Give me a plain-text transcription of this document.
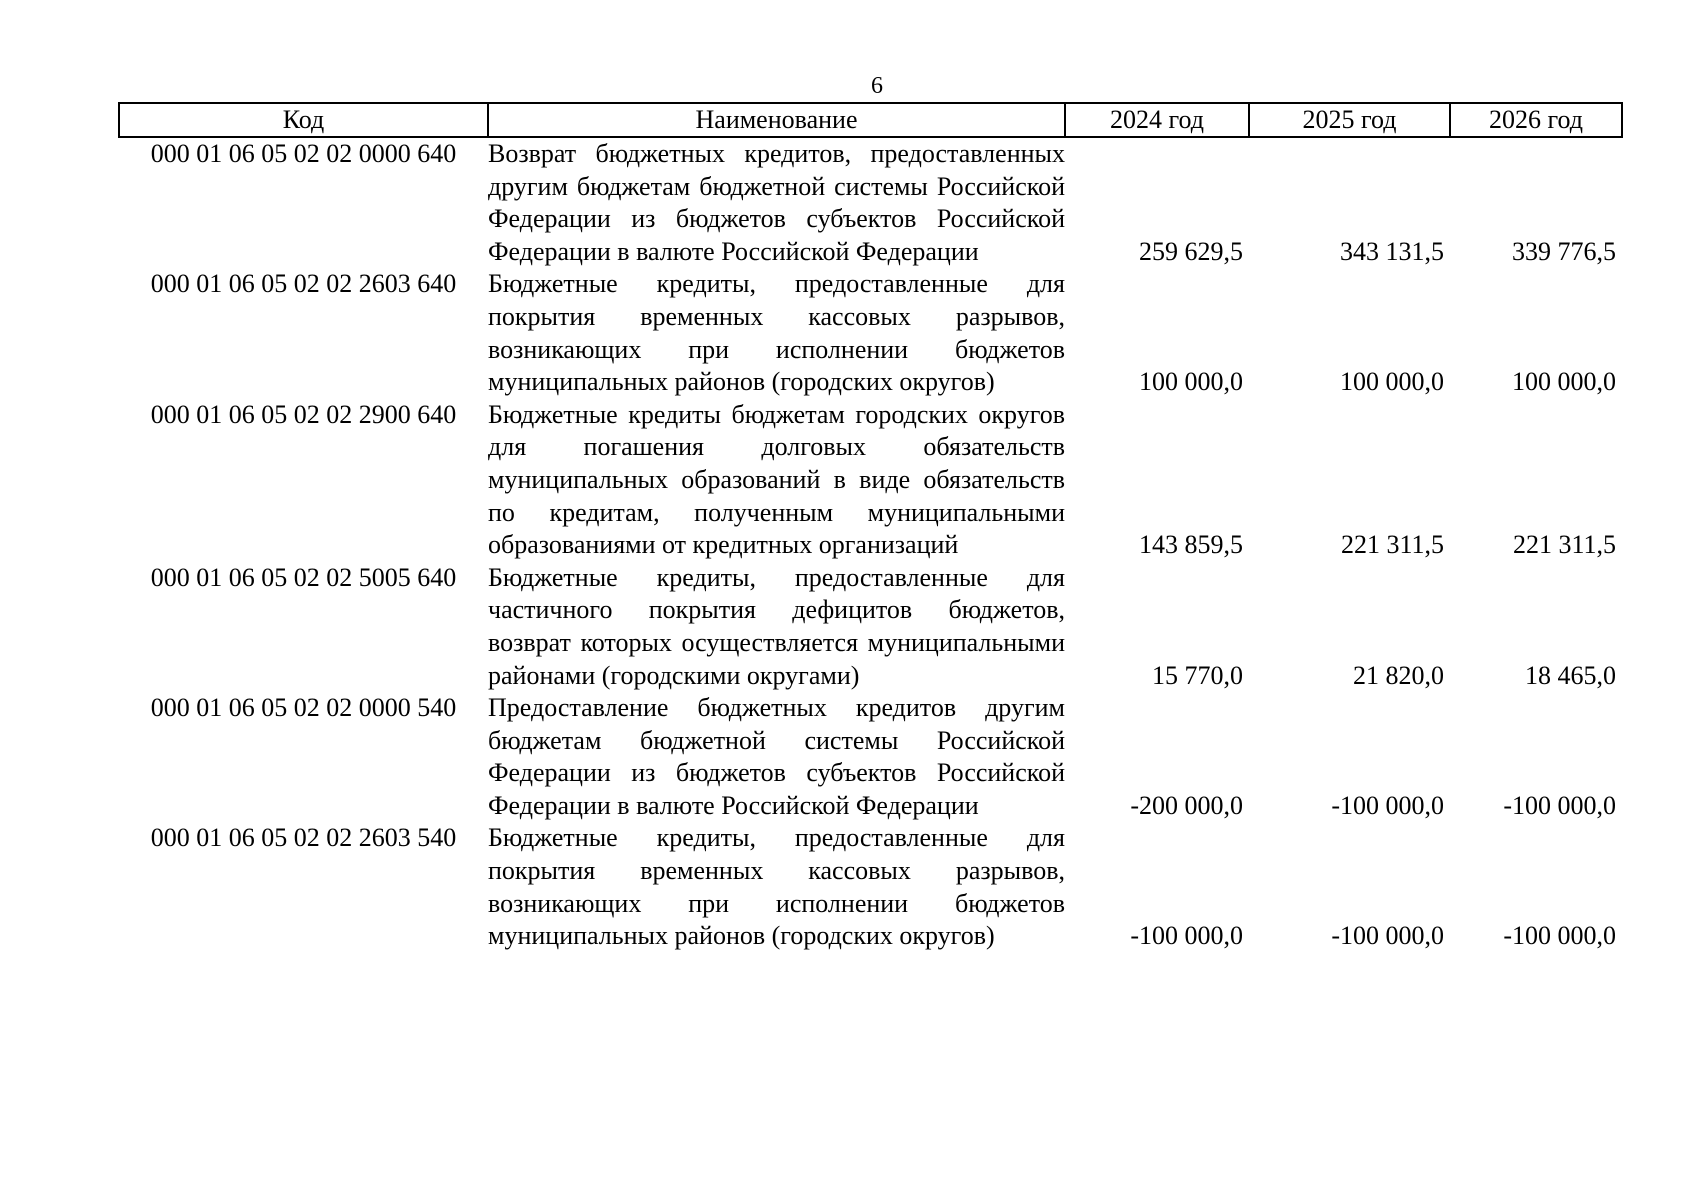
6
Код	Наименование	2024 год	2025 год	2026 год
000 01 06 05 02 02 0000 640	Возврат бюджетных кредитов, предоставленных другим бюджетам бюджетной системы Российской Федерации из бюджетов субъектов Российской Федерации в валюте Российской Федерации	259 629,5	343 131,5	339 776,5
000 01 06 05 02 02 2603 640	Бюджетные кредиты, предоставленные для покрытия временных кассовых разрывов, возникающих при исполнении бюджетов муниципальных районов (городских округов)	100 000,0	100 000,0	100 000,0
000 01 06 05 02 02 2900 640	Бюджетные кредиты бюджетам городских округов для погашения долговых обязательств муниципальных образований в виде обязательств по кредитам, полученным муниципальными образованиями от кредитных организаций	143 859,5	221 311,5	221 311,5
000 01 06 05 02 02 5005 640	Бюджетные кредиты, предоставленные для частичного покрытия дефицитов бюджетов, возврат которых осуществляется муниципальными районами (городскими округами)	15 770,0	21 820,0	18 465,0
000 01 06 05 02 02 0000 540	Предоставление бюджетных кредитов другим бюджетам бюджетной системы Российской Федерации из бюджетов субъектов Российской Федерации в валюте Российской Федерации	-200 000,0	-100 000,0	-100 000,0
000 01 06 05 02 02 2603 540	Бюджетные кредиты, предоставленные для покрытия временных кассовых разрывов, возникающих при исполнении бюджетов муниципальных районов (городских округов)	-100 000,0	-100 000,0	-100 000,0
